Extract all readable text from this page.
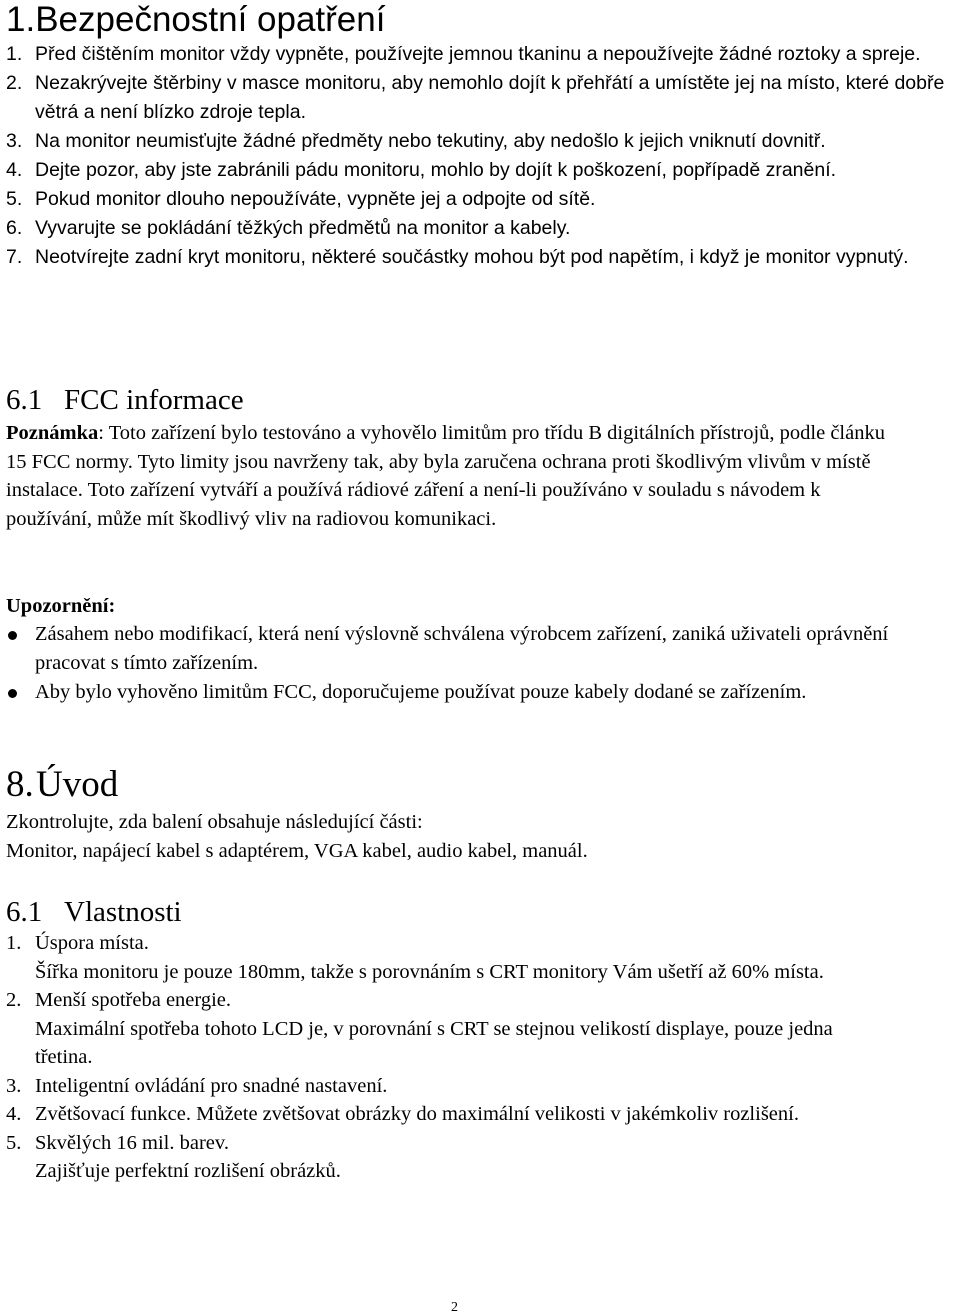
1.Bezpečnostní opatření
1. Před čištěním monitor vždy vypněte, používejte jemnou tkaninu a nepoužívejte žádné roztoky a spreje.
2. Nezakrývejte štěrbiny v masce monitoru, aby nemohlo dojít k přehřátí a umístěte jej na místo, které dobře větrá a není blízko zdroje tepla.
3. Na monitor neumisťujte žádné předměty nebo tekutiny, aby nedošlo k jejich vniknutí dovnitř.
4. Dejte pozor, aby jste zabránili pádu monitoru, mohlo by dojít k poškození, popřípadě zranění.
5. Pokud monitor dlouho nepoužíváte, vypněte jej a odpojte od sítě.
6. Vyvarujte se pokládání těžkých předmětů na monitor a kabely.
7. Neotvírejte zadní kryt monitoru, některé součástky mohou být pod napětím, i když je monitor vypnutý.
6.1 FCC informace

Poznámka: Toto zařízení bylo testováno a vyhovělo limitům pro třídu B digitálních přístrojů, podle článku 15 FCC normy. Tyto limity jsou navrženy tak, aby byla zaručena ochrana proti škodlivým vlivům v místě instalace. Toto zařízení vytváří a používá rádiové záření a není-li používáno v souladu s návodem k používání, může mít škodlivý vliv na radiovou komunikaci.

Upozornění:

Zásahem nebo modifikací, která není výslovně schválena výrobcem zařízení, zaniká uživateli oprávnění pracovat s tímto zařízením.
Aby bylo vyhověno limitům FCC, doporučujeme používat pouze kabely dodané se zařízením.
8.Úvod

Zkontrolujte, zda balení obsahuje následující části:

Monitor, napájecí kabel s adaptérem, VGA kabel, audio kabel, manuál.

6.1 Vlastnosti
1. Úspora místa.
Šířka monitoru je pouze 180mm, takže s porovnáním s CRT monitory Vám ušetří až 60% místa.
2. Menší spotřeba energie.
Maximální spotřeba tohoto LCD je, v porovnání s CRT se stejnou velikostí displaye, pouze jedna třetina.
3. Inteligentní ovládání pro snadné nastavení.
4. Zvětšovací funkce. Můžete zvětšovat obrázky do maximální velikosti v jakémkoliv rozlišení.
5. Skvělých 16 mil. barev.
Zajišťuje perfektní rozlišení obrázků.
2
